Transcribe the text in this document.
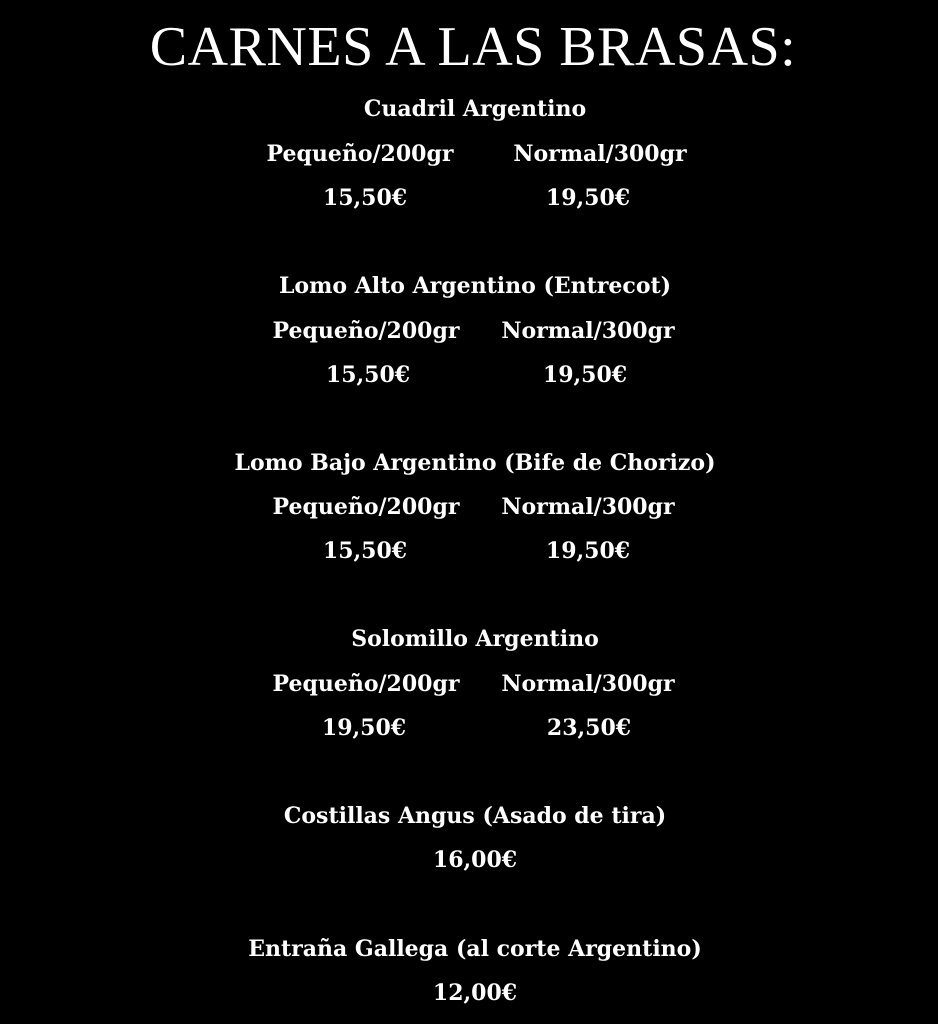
CARNES A LAS BRASAS:
Cuadril Argentino
Pequeño/200gr	Normal/300gr
15,50€	19,50€
Lomo Alto Argentino (Entrecot)
Pequeño/200gr	Normal/300gr
15,50€	19,50€
Lomo Bajo Argentino (Bife de Chorizo)
Pequeño/200gr	Normal/300gr
15,50€	19,50€
Solomillo Argentino
Pequeño/200gr	Normal/300gr
19,50€	23,50€
Costillas Angus (Asado de tira)
16,00€
Entraña Gallega (al corte Argentino)
12,00€
